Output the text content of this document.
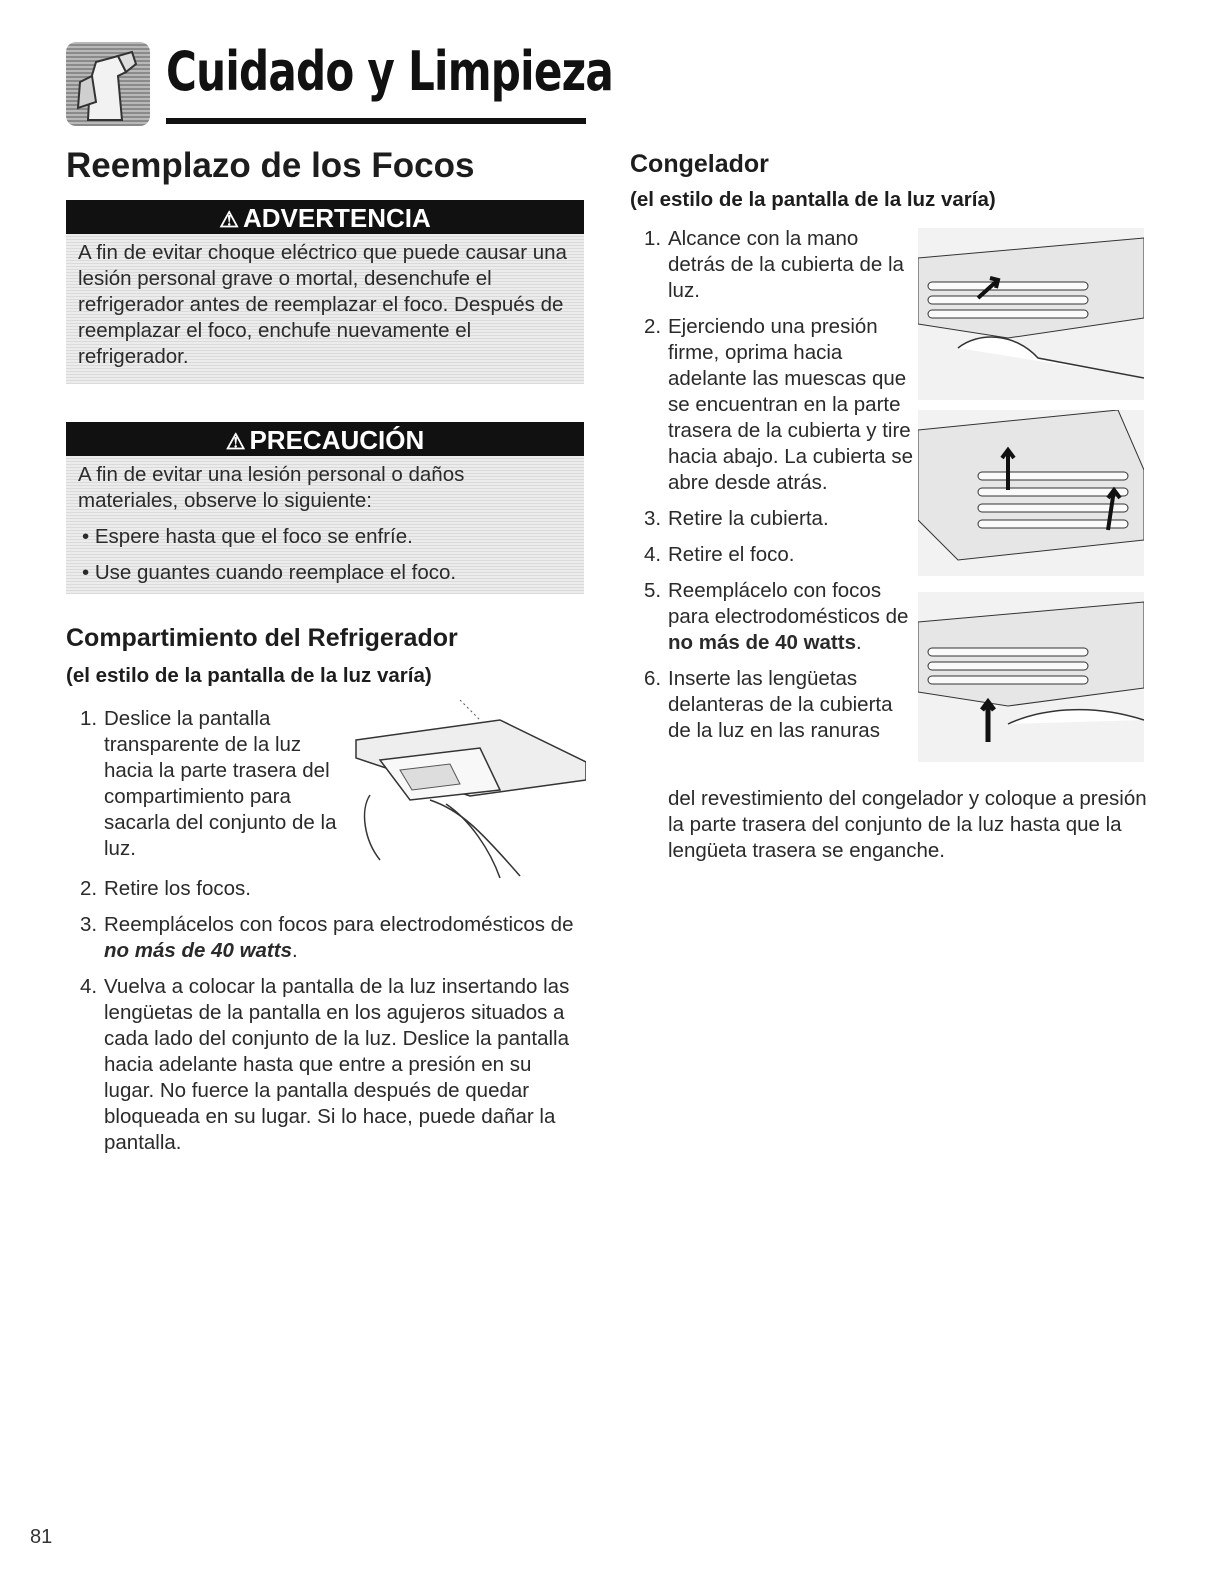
Cuidado y Limpieza
Reemplazo de los Focos
⚠ ADVERTENCIA

A fin de evitar choque eléctrico que puede causar una lesión personal grave o mortal, desenchufe el refrigerador antes de reemplazar el foco. Después de reemplazar el foco, enchufe nuevamente el refrigerador.

⚠ PRECAUCIÓN

A fin de evitar una lesión personal o daños materiales, observe lo siguiente:

• Espere hasta que el foco se enfríe.

• Use guantes cuando reemplace el foco.

Compartimiento del Refrigerador
(el estilo de la pantalla de la luz varía)
1. Deslice la pantalla transparente de la luz hacia la parte trasera del compartimiento para sacarla del conjunto de la luz.
2. Retire los focos.
3. Reemplácelos con focos para electrodomésticos de
no más de 40 watts.
4. Vuelva a colocar la pantalla de la luz insertando las lengüetas de la pantalla en los agujeros situados a cada lado del conjunto de la luz. Deslice la pantalla hacia adelante hasta que entre a presión en su lugar. No fuerce la pantalla después de quedar bloqueada en su lugar. Si lo hace, puede dañar la pantalla.
Congelador
(el estilo de la pantalla de la luz varía)
1. Alcance con la mano detrás de la cubierta de la luz.
2. Ejerciendo una presión firme, oprima hacia adelante las muescas que se encuentran en la parte trasera de la cubierta y tire hacia abajo. La cubierta se abre desde atrás.
3. Retire la cubierta.
4. Retire el foco.
5. Reemplácelo con focos para electrodomésticos de no más de 40 watts.
6. Inserte las lengüetas delanteras de la cubierta de la luz en las ranuras
del revestimiento del congelador y coloque a presión la parte trasera del conjunto de la luz hasta que la lengüeta trasera se enganche.
81
